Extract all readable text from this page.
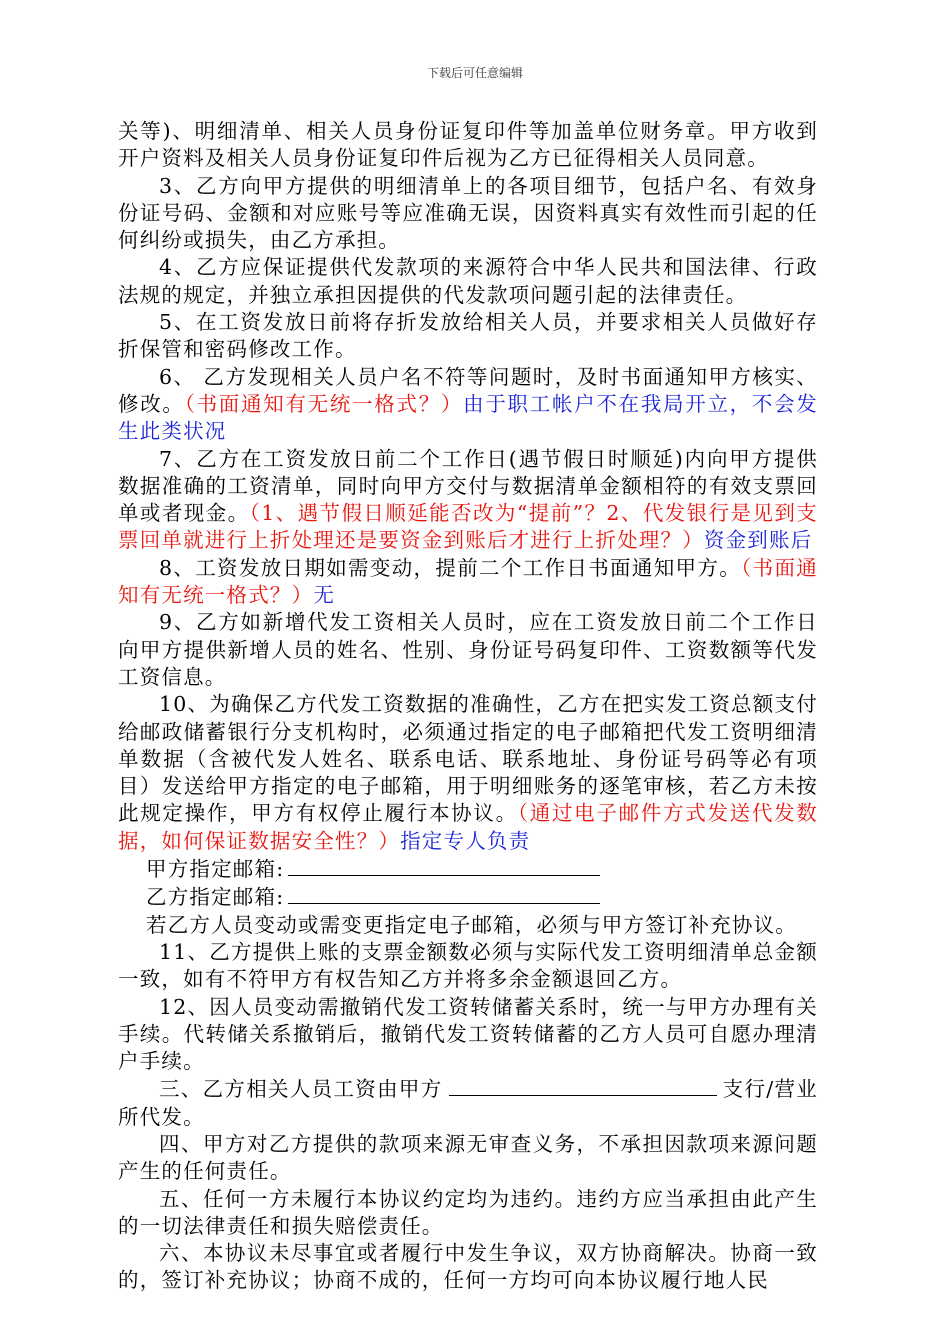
下载后可任意编辑
关等)、明细清单、相关人员身份证复印件等加盖单位财务章。甲方收到开户资料及相关人员身份证复印件后视为乙方已征得相关人员同意。
3、乙方向甲方提供的明细清单上的各项目细节，包括户名、有效身份证号码、金额和对应账号等应准确无误，因资料真实有效性而引起的任何纠纷或损失，由乙方承担。
4、乙方应保证提供代发款项的来源符合中华人民共和国法律、行政法规的规定，并独立承担因提供的代发款项问题引起的法律责任。
5、在工资发放日前将存折发放给相关人员，并要求相关人员做好存折保管和密码修改工作。
6、 乙方发现相关人员户名不符等问题时，及时书面通知甲方核实、修改。（书面通知有无统一格式？）由于职工帐户不在我局开立，不会发生此类状况
7、乙方在工资发放日前二个工作日(遇节假日时顺延)内向甲方提供数据准确的工资清单，同时向甲方交付与数据清单金额相符的有效支票回单或者现金。（1、遇节假日顺延能否改为“提前”？2、代发银行是见到支票回单就进行上折处理还是要资金到账后才进行上折处理？）资金到账后
8、工资发放日期如需变动，提前二个工作日书面通知甲方。（书面通知有无统一格式？）无
9、乙方如新增代发工资相关人员时，应在工资发放日前二个工作日向甲方提供新增人员的姓名、性别、身份证号码复印件、工资数额等代发工资信息。
10、为确保乙方代发工资数据的准确性，乙方在把实发工资总额支付给邮政储蓄银行分支机构时，必须通过指定的电子邮箱把代发工资明细清单数据（含被代发人姓名、联系电话、联系地址、身份证号码等必有项目）发送给甲方指定的电子邮箱，用于明细账务的逐笔审核，若乙方未按此规定操作，甲方有权停止履行本协议。（通过电子邮件方式发送代发数据，如何保证数据安全性？）指定专人负责
甲方指定邮箱:
乙方指定邮箱:
若乙方人员变动或需变更指定电子邮箱，必须与甲方签订补充协议。
11、乙方提供上账的支票金额数必须与实际代发工资明细清单总金额一致，如有不符甲方有权告知乙方并将多余金额退回乙方。
12、因人员变动需撤销代发工资转储蓄关系时，统一与甲方办理有关手续。代转储关系撤销后，撤销代发工资转储蓄的乙方人员可自愿办理清户手续。
三、乙方相关人员工资由甲方	支行/营业所代发。
四、甲方对乙方提供的款项来源无审查义务，不承担因款项来源问题产生的任何责任。
五、任何一方未履行本协议约定均为违约。违约方应当承担由此产生的一切法律责任和损失赔偿责任。
六、本协议未尽事宜或者履行中发生争议，双方协商解决。协商一致的，签订补充协议；协商不成的，任何一方均可向本协议履行地人民
